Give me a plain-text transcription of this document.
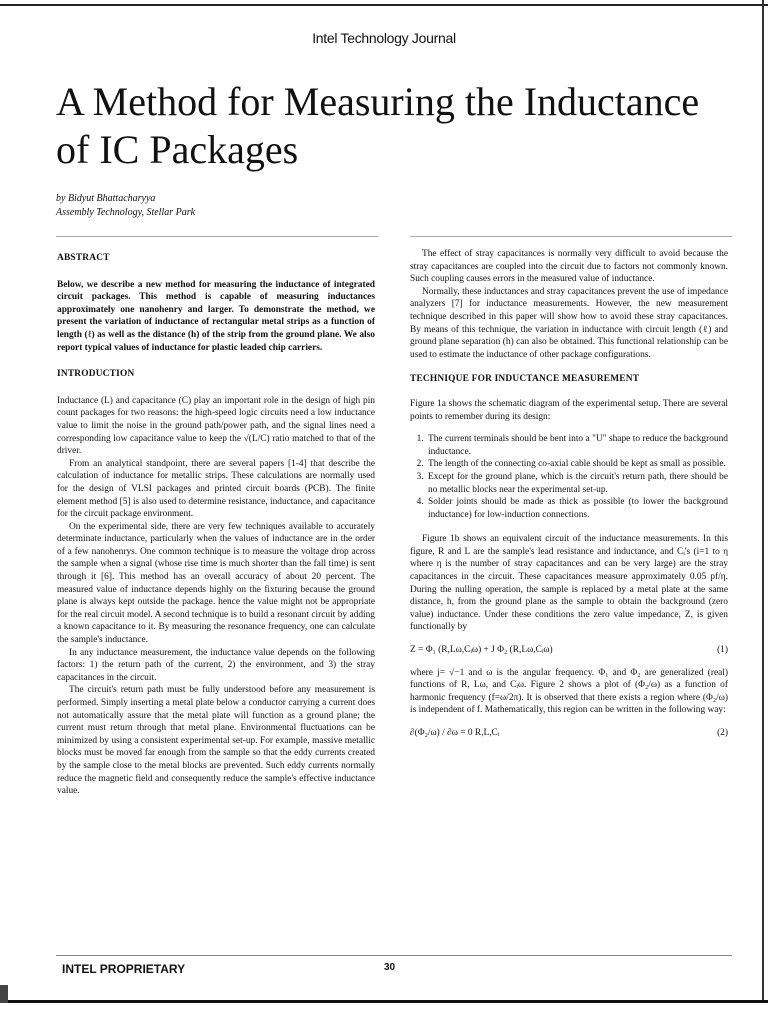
Intel Technology Journal
A Method for Measuring the Inductance of IC Packages
by Bidyut Bhattacharyya
Assembly Technology, Stellar Park

ABSTRACT

Below, we describe a new method for measuring the inductance of integrated circuit packages. This method is capable of measuring inductances approximately one nanohenry and larger. To demonstrate the method, we present the variation of inductance of rectangular metal strips as a function of length (ℓ) as well as the distance (h) of the strip from the ground plane. We also report typical values of inductance for plastic leaded chip carriers.

INTRODUCTION

Inductance (L) and capacitance (C) play an important role in the design of high pin count packages for two reasons: the high-speed logic circuits need a low inductance value to limit the noise in the ground path/power path, and the signal lines need a corresponding low capacitance value to keep the √(L/C) ratio matched to that of the driver.

From an analytical standpoint, there are several papers [1-4] that describe the calculation of inductance for metallic strips. These calculations are normally used for the design of VLSI packages and printed circuit boards (PCB). The finite element method [5] is also used to determine resistance, inductance, and capacitance for the circuit package environment.

On the experimental side, there are very few techniques available to accurately determinate inductance, particularly when the values of inductance are in the order of a few nanohenrys. One common technique is to measure the voltage drop across the sample when a signal (whose rise time is much shorter than the fall time) is sent through it [6]. This method has an overall accuracy of about 20 percent. The measured value of inductance depends highly on the fixturing because the ground plane is always kept outside the package. hence the value might not be appropriate for the real circuit model. A second technique is to build a resonant circuit by adding a known capacitance to it. By measuring the resonance frequency, one can calculate the sample's inductance.

In any inductance measurement, the inductance value depends on the following factors: 1) the return path of the current, 2) the environment, and 3) the stray capacitances in the circuit.

The circuit's return path must be fully understood before any measurement is performed. Simply inserting a metal plate below a conductor carrying a current does not automatically assure that the metal plate will function as a ground plane; the current must return through that metal plane. Environmental fluctuations can be minimized by using a consistent experimental set-up. For example, massive metallic blocks must be moved far enough from the sample so that the eddy currents created by the sample close to the metal blocks are prevented. Such eddy currents normally reduce the magnetic field and consequently reduce the sample's effective inductance value.

The effect of stray capacitances is normally very difficult to avoid because the stray capacitances are coupled into the circuit due to factors not commonly known. Such coupling causes errors in the measured value of inductance.

Normally, these inductances and stray capacitances prevent the use of impedance analyzers [7] for inductance measurements. However, the new measurement technique described in this paper will show how to avoid these stray capacitances. By means of this technique, the variation in inductance with circuit length (ℓ) and ground plane separation (h) can also be obtained. This functional relationship can be used to estimate the inductance of other package configurations.

TECHNIQUE FOR INDUCTANCE MEASUREMENT

Figure 1a shows the schematic diagram of the experimental setup. There are several points to remember during its design:

1. The current terminals should be bent into a "U" shape to reduce the background inductance.
2. The length of the connecting co-axial cable should be kept as small as possible.
3. Except for the ground plane, which is the circuit's return path, there should be no metallic blocks near the experimental set-up.
4. Solder joints should be made as thick as possible (to lower the background inductance) for low-induction connections.

Figure 1b shows an equivalent circuit of the inductance measurements. In this figure, R and L are the sample's lead resistance and inductance, and Cᵢ's (i=1 to η where η is the number of stray capacitances and can be very large) are the stray capacitances in the circuit. These capacitances measure approximately 0.05 pf/η. During the nulling operation, the sample is replaced by a metal plate at the same distance, h, from the ground plane as the sample to obtain the background (zero value) inductance. Under these conditions the zero value impedance, Z, is given functionally by

Z = Φ₁ (R,Lω,Cᵢω) + J Φ₂ (R,Lω,Cᵢω)	(1)

where j= √−1 and ω is the angular frequency. Φ₁ and Φ₂ are generalized (real) functions of R, Lω, and Cᵢω. Figure 2 shows a plot of (Φ₂/ω) as a function of harmonic frequency (f=ω/2π). It is observed that there exists a region where (Φ₂/ω) is independent of f. Mathematically, this region can be written in the following way:

∂(Φ₂/ω) / ∂ω = 0 R,L,Cᵢ	(2)
INTEL PROPRIETARY	30
